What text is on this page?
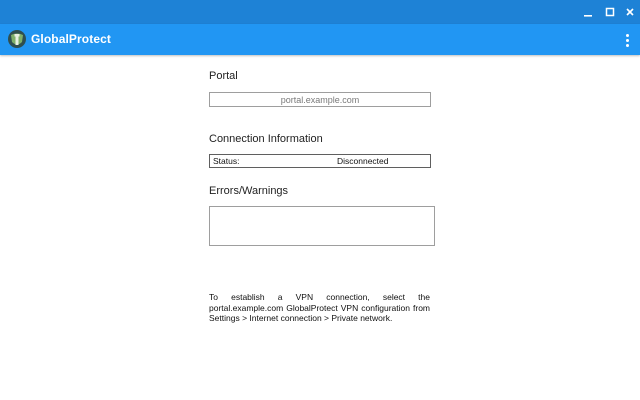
GlobalProtect
Portal
portal.example.com
Connection Information
Status:	Disconnected
Errors/Warnings
To establish a VPN connection, select the portal.example.com GlobalProtect VPN configuration from Settings > Internet connection > Private network.
